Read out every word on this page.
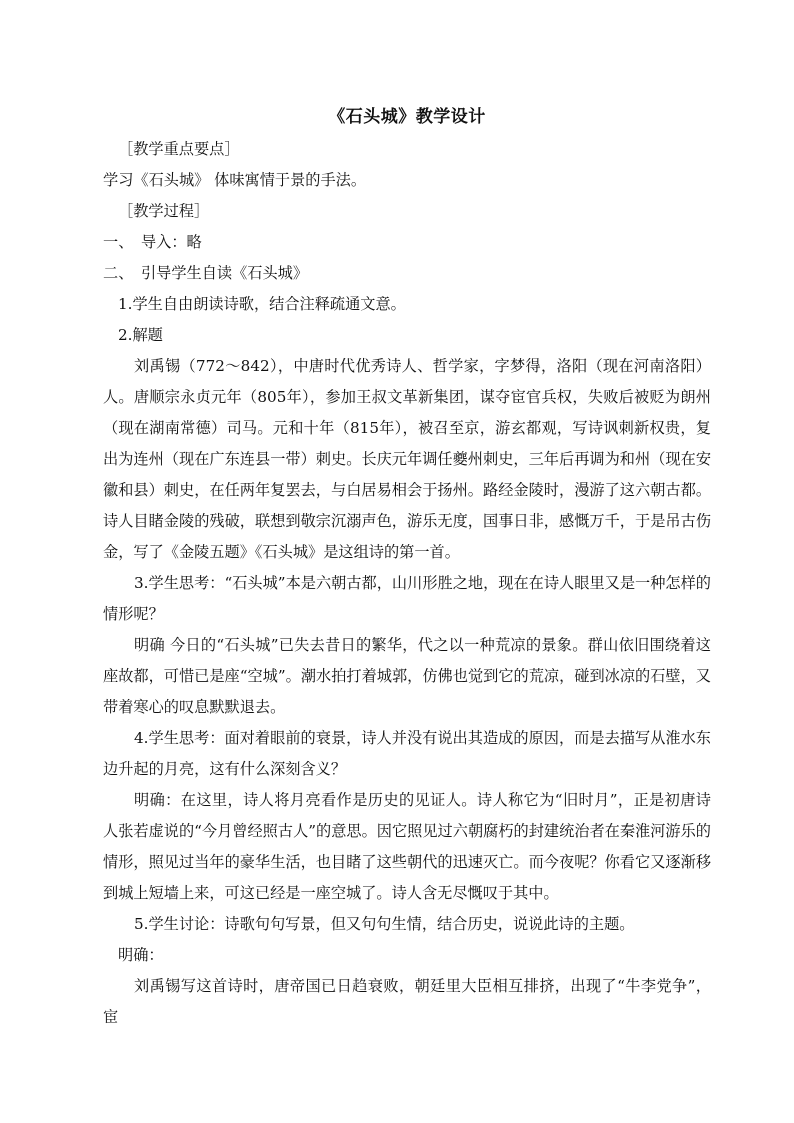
《石头城》教学设计

［教学重点要点］

学习《石头城》 体味寓情于景的手法。

［教学过程］

一、　导入：略

二、　引导学生自读《石头城》

1.学生自由朗读诗歌，结合注释疏通文意。

2.解题

刘禹锡（772～842），中唐时代优秀诗人、哲学家，字梦得，洛阳（现在河南洛阳）人。唐顺宗永贞元年（805年），参加王叔文革新集团，谋夺宦官兵权，失败后被贬为朗州（现在湖南常德）司马。元和十年（815年），被召至京，游玄都观，写诗讽刺新权贵，复出为连州（现在广东连县一带）刺史。长庆元年调任夔州刺史，三年后再调为和州（现在安徽和县）刺史，在任两年复罢去，与白居易相会于扬州。路经金陵时，漫游了这六朝古都。诗人目睹金陵的残破，联想到敬宗沉溺声色，游乐无度，国事日非，感慨万千，于是吊古伤金，写了《金陵五题》《石头城》是这组诗的第一首。

3.学生思考：“石头城”本是六朝古都，山川形胜之地，现在在诗人眼里又是一种怎样的情形呢？

明确 今日的“石头城”已失去昔日的繁华，代之以一种荒凉的景象。群山依旧围绕着这座故都，可惜已是座“空城”。潮水拍打着城郭，仿佛也觉到它的荒凉，碰到冰凉的石壁，又带着寒心的叹息默默退去。

4.学生思考：面对着眼前的衰景，诗人并没有说出其造成的原因，而是去描写从淮水东边升起的月亮，这有什么深刻含义？

明确：在这里，诗人将月亮看作是历史的见证人。诗人称它为“旧时月”，正是初唐诗人张若虚说的“今月曾经照古人”的意思。因它照见过六朝腐朽的封建统治者在秦淮河游乐的情形，照见过当年的豪华生活，也目睹了这些朝代的迅速灭亡。而今夜呢？你看它又逐渐移到城上短墙上来，可这已经是一座空城了。诗人含无尽慨叹于其中。

5.学生讨论：诗歌句句写景，但又句句生情，结合历史，说说此诗的主题。

明确：

刘禹锡写这首诗时，唐帝国已日趋衰败，朝廷里大臣相互排挤，出现了“牛李党争”，宦
